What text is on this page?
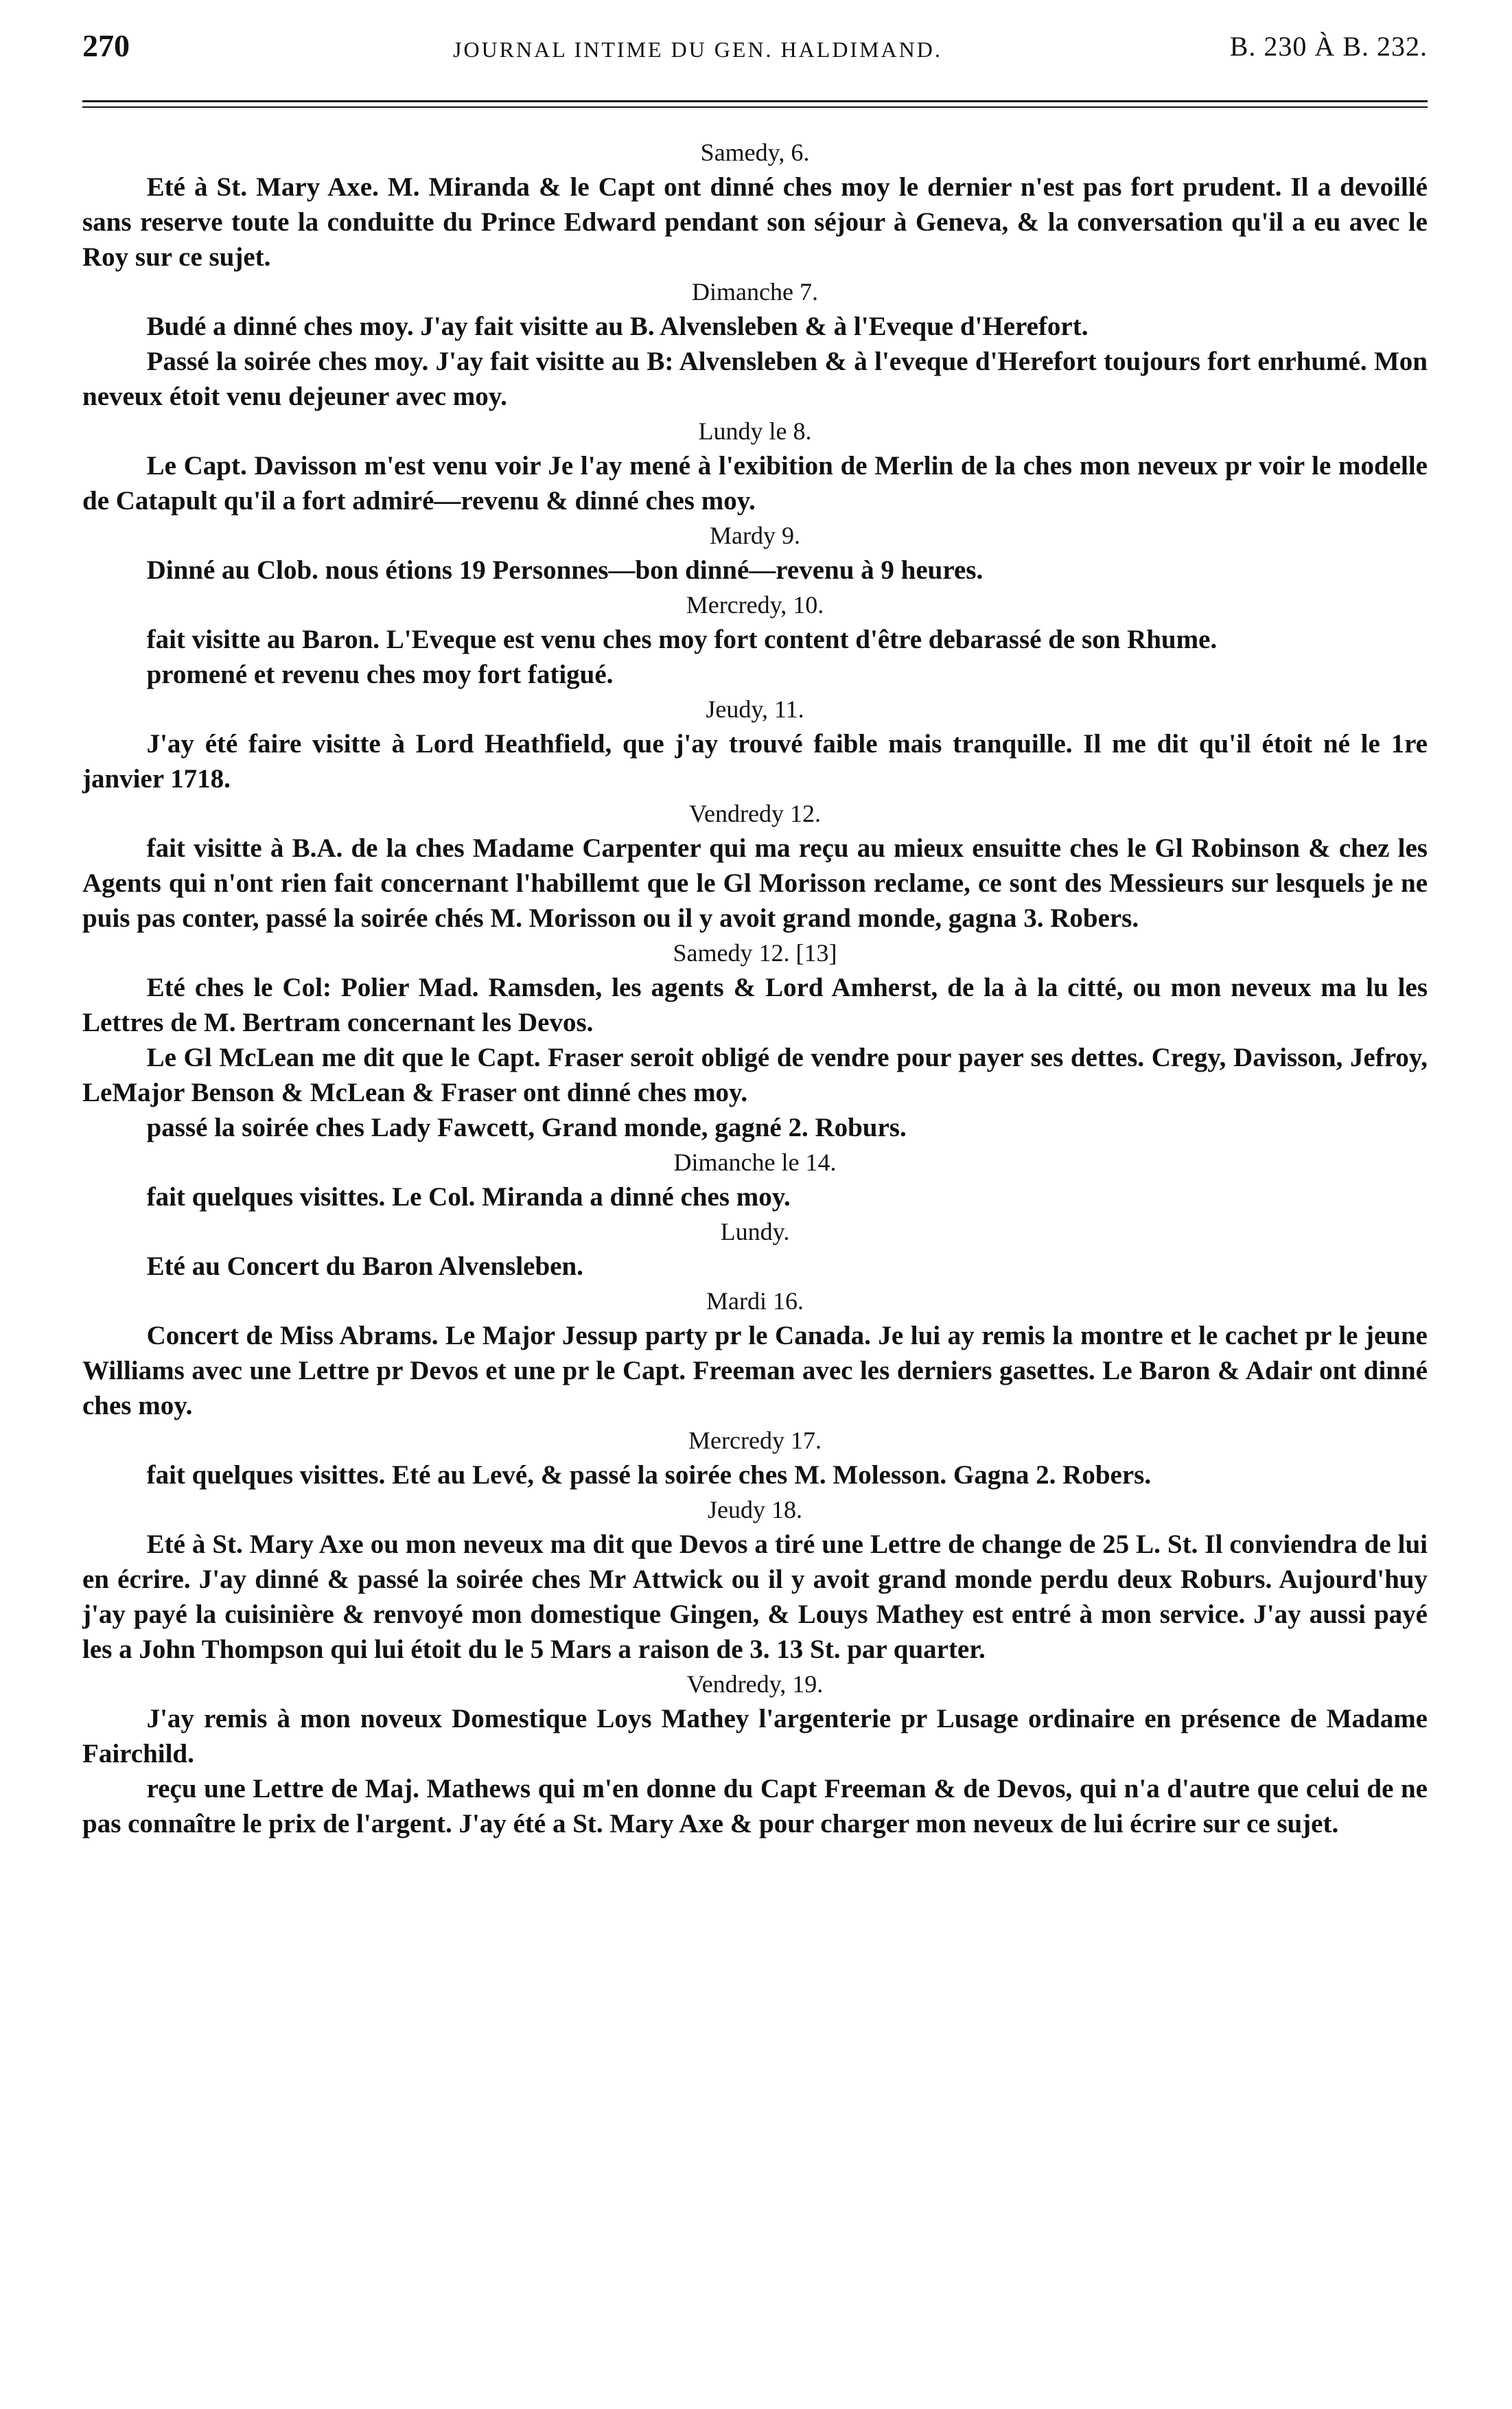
270	JOURNAL INTIME DU GEN. HALDIMAND.	B. 230 À B. 232.

Samedy, 6.

Eté à St. Mary Axe. M. Miranda & le Capt ont dinné ches moy le dernier n'est pas fort prudent. Il a devoillé sans reserve toute la conduitte du Prince Edward pendant son séjour à Geneva, & la conversation qu'il a eu avec le Roy sur ce sujet.

Dimanche 7.

Budé a dinné ches moy. J'ay fait visitte au B. Alvensleben & à l'Eveque d'Herefort.

Passé la soirée ches moy. J'ay fait visitte au B: Alvensleben & à l'eveque d'Herefort toujours fort enrhumé. Mon neveux étoit venu dejeuner avec moy.

Lundy le 8.

Le Capt. Davisson m'est venu voir Je l'ay mené à l'exibition de Merlin de la ches mon neveux pr voir le modelle de Catapult qu'il a fort admiré—revenu & dinné ches moy.

Mardy 9.

Dinné au Clob. nous étions 19 Personnes—bon dinné—revenu à 9 heures.

Mercredy, 10.

fait visitte au Baron. L'Eveque est venu ches moy fort content d'être debarassé de son Rhume.

promené et revenu ches moy fort fatigué.

Jeudy, 11.

J'ay été faire visitte à Lord Heathfield, que j'ay trouvé faible mais tranquille. Il me dit qu'il étoit né le 1re janvier 1718.

Vendredy 12.

fait visitte à B.A. de la ches Madame Carpenter qui ma reçu au mieux ensuitte ches le Gl Robinson & chez les Agents qui n'ont rien fait concernant l'habillemt que le Gl Morisson reclame, ce sont des Messieurs sur lesquels je ne puis pas conter, passé la soirée chés M. Morisson ou il y avoit grand monde, gagna 3. Robers.

Samedy 12. [13]

Eté ches le Col: Polier Mad. Ramsden, les agents & Lord Amherst, de la à la citté, ou mon neveux ma lu les Lettres de M. Bertram concernant les Devos.

Le Gl McLean me dit que le Capt. Fraser seroit obligé de vendre pour payer ses dettes. Cregy, Davisson, Jefroy, LeMajor Benson & McLean & Fraser ont dinné ches moy.

passé la soirée ches Lady Fawcett, Grand monde, gagné 2. Roburs.

Dimanche le 14.

fait quelques visittes. Le Col. Miranda a dinné ches moy.

Lundy.

Eté au Concert du Baron Alvensleben.

Mardi 16.

Concert de Miss Abrams. Le Major Jessup party pr le Canada. Je lui ay remis la montre et le cachet pr le jeune Williams avec une Lettre pr Devos et une pr le Capt. Freeman avec les derniers gasettes. Le Baron & Adair ont dinné ches moy.

Mercredy 17.

fait quelques visittes. Eté au Levé, & passé la soirée ches M. Molesson. Gagna 2. Robers.

Jeudy 18.

Eté à St. Mary Axe ou mon neveux ma dit que Devos a tiré une Lettre de change de 25 L. St. Il conviendra de lui en écrire. J'ay dinné & passé la soirée ches Mr Attwick ou il y avoit grand monde perdu deux Roburs. Aujourd'huy j'ay payé la cuisinière & renvoyé mon domestique Gingen, & Louys Mathey est entré à mon service. J'ay aussi payé les a John Thompson qui lui étoit du le 5 Mars a raison de 3. 13 St. par quarter.

Vendredy, 19.

J'ay remis à mon noveux Domestique Loys Mathey l'argenterie pr Lusage ordinaire en présence de Madame Fairchild.

reçu une Lettre de Maj. Mathews qui m'en donne du Capt Freeman & de Devos, qui n'a d'autre que celui de ne pas connaître le prix de l'argent. J'ay été a St. Mary Axe & pour charger mon neveux de lui écrire sur ce sujet.
